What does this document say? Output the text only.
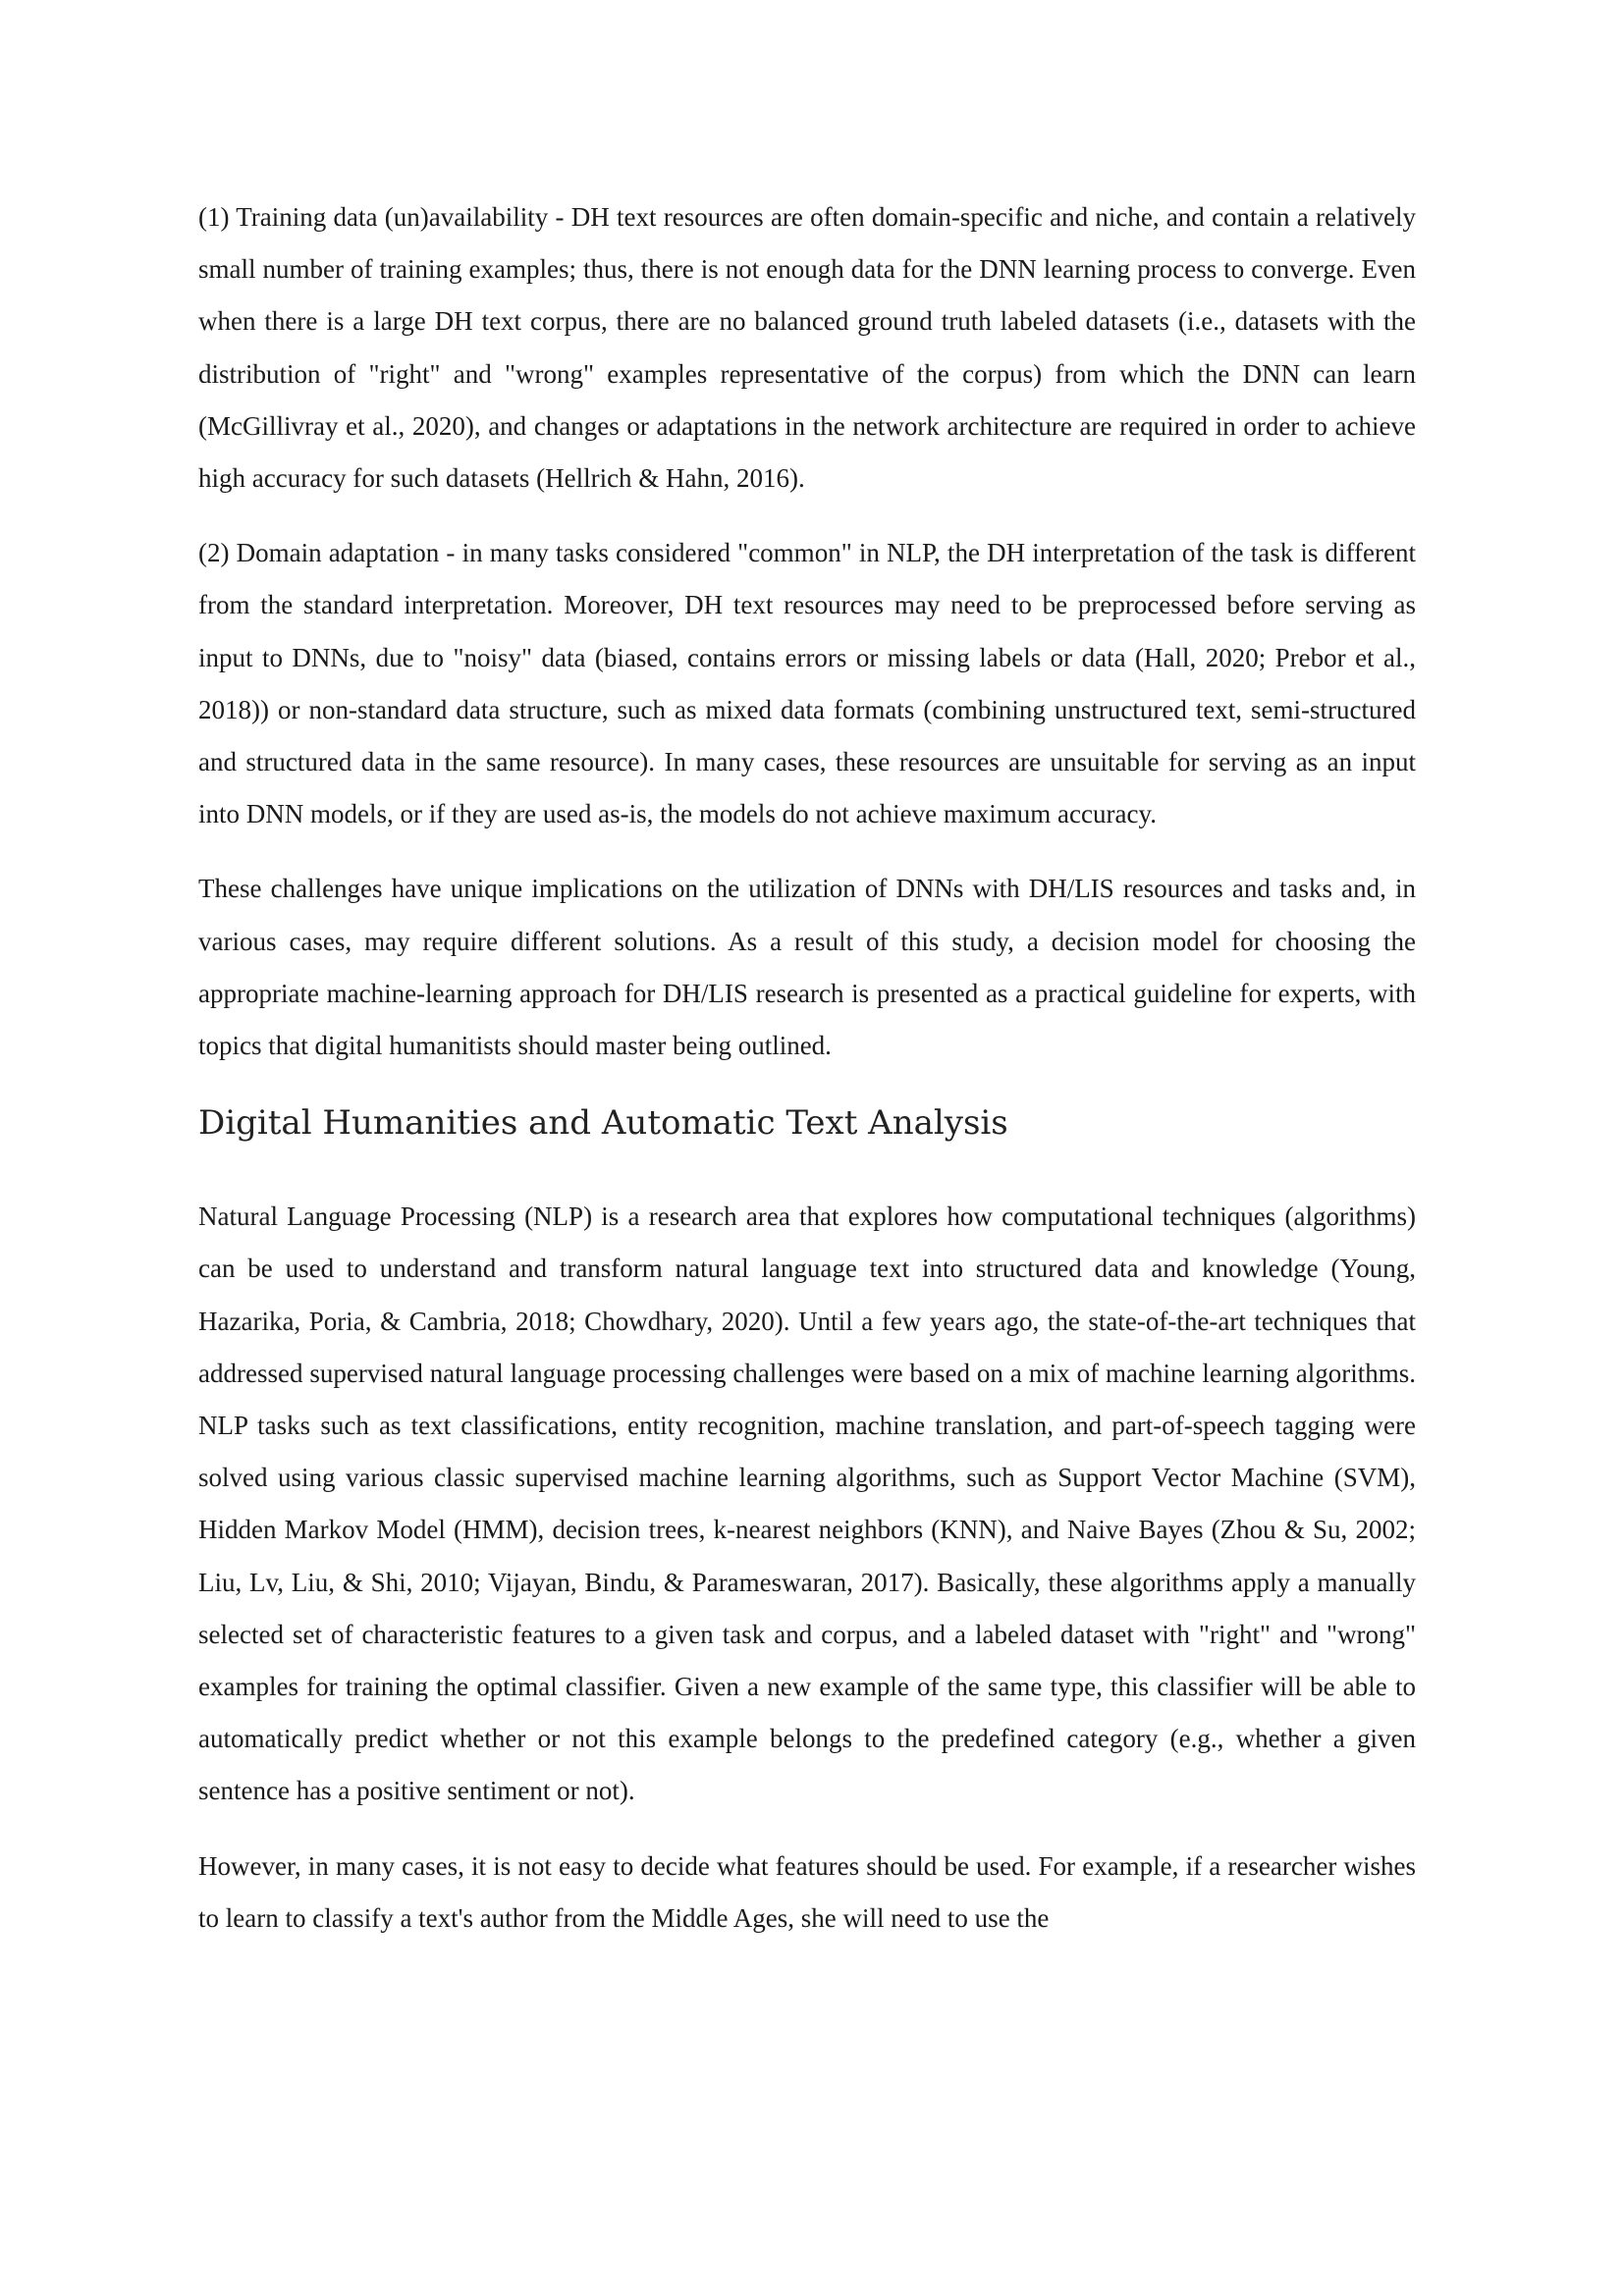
(1) Training data (un)availability - DH text resources are often domain-specific and niche, and contain a relatively small number of training examples; thus, there is not enough data for the DNN learning process to converge. Even when there is a large DH text corpus, there are no balanced ground truth labeled datasets (i.e., datasets with the distribution of "right" and "wrong" examples representative of the corpus) from which the DNN can learn (McGillivray et al., 2020), and changes or adaptations in the network architecture are required in order to achieve high accuracy for such datasets (Hellrich & Hahn, 2016).

(2) Domain adaptation - in many tasks considered "common" in NLP, the DH interpretation of the task is different from the standard interpretation. Moreover, DH text resources may need to be preprocessed before serving as input to DNNs, due to "noisy" data (biased, contains errors or missing labels or data (Hall, 2020; Prebor et al., 2018)) or non-standard data structure, such as mixed data formats (combining unstructured text, semi-structured and structured data in the same resource). In many cases, these resources are unsuitable for serving as an input into DNN models, or if they are used as-is, the models do not achieve maximum accuracy.

These challenges have unique implications on the utilization of DNNs with DH/LIS resources and tasks and, in various cases, may require different solutions. As a result of this study, a decision model for choosing the appropriate machine-learning approach for DH/LIS research is presented as a practical guideline for experts, with topics that digital humanitists should master being outlined.

Digital Humanities and Automatic Text Analysis

Natural Language Processing (NLP) is a research area that explores how computational techniques (algorithms) can be used to understand and transform natural language text into structured data and knowledge (Young, Hazarika, Poria, & Cambria, 2018; Chowdhary, 2020). Until a few years ago, the state-of-the-art techniques that addressed supervised natural language processing challenges were based on a mix of machine learning algorithms. NLP tasks such as text classifications, entity recognition, machine translation, and part-of-speech tagging were solved using various classic supervised machine learning algorithms, such as Support Vector Machine (SVM), Hidden Markov Model (HMM), decision trees, k-nearest neighbors (KNN), and Naive Bayes (Zhou & Su, 2002; Liu, Lv, Liu, & Shi, 2010; Vijayan, Bindu, & Parameswaran, 2017). Basically, these algorithms apply a manually selected set of characteristic features to a given task and corpus, and a labeled dataset with "right" and "wrong" examples for training the optimal classifier. Given a new example of the same type, this classifier will be able to automatically predict whether or not this example belongs to the predefined category (e.g., whether a given sentence has a positive sentiment or not).

However, in many cases, it is not easy to decide what features should be used. For example, if a researcher wishes to learn to classify a text's author from the Middle Ages, she will need to use the
